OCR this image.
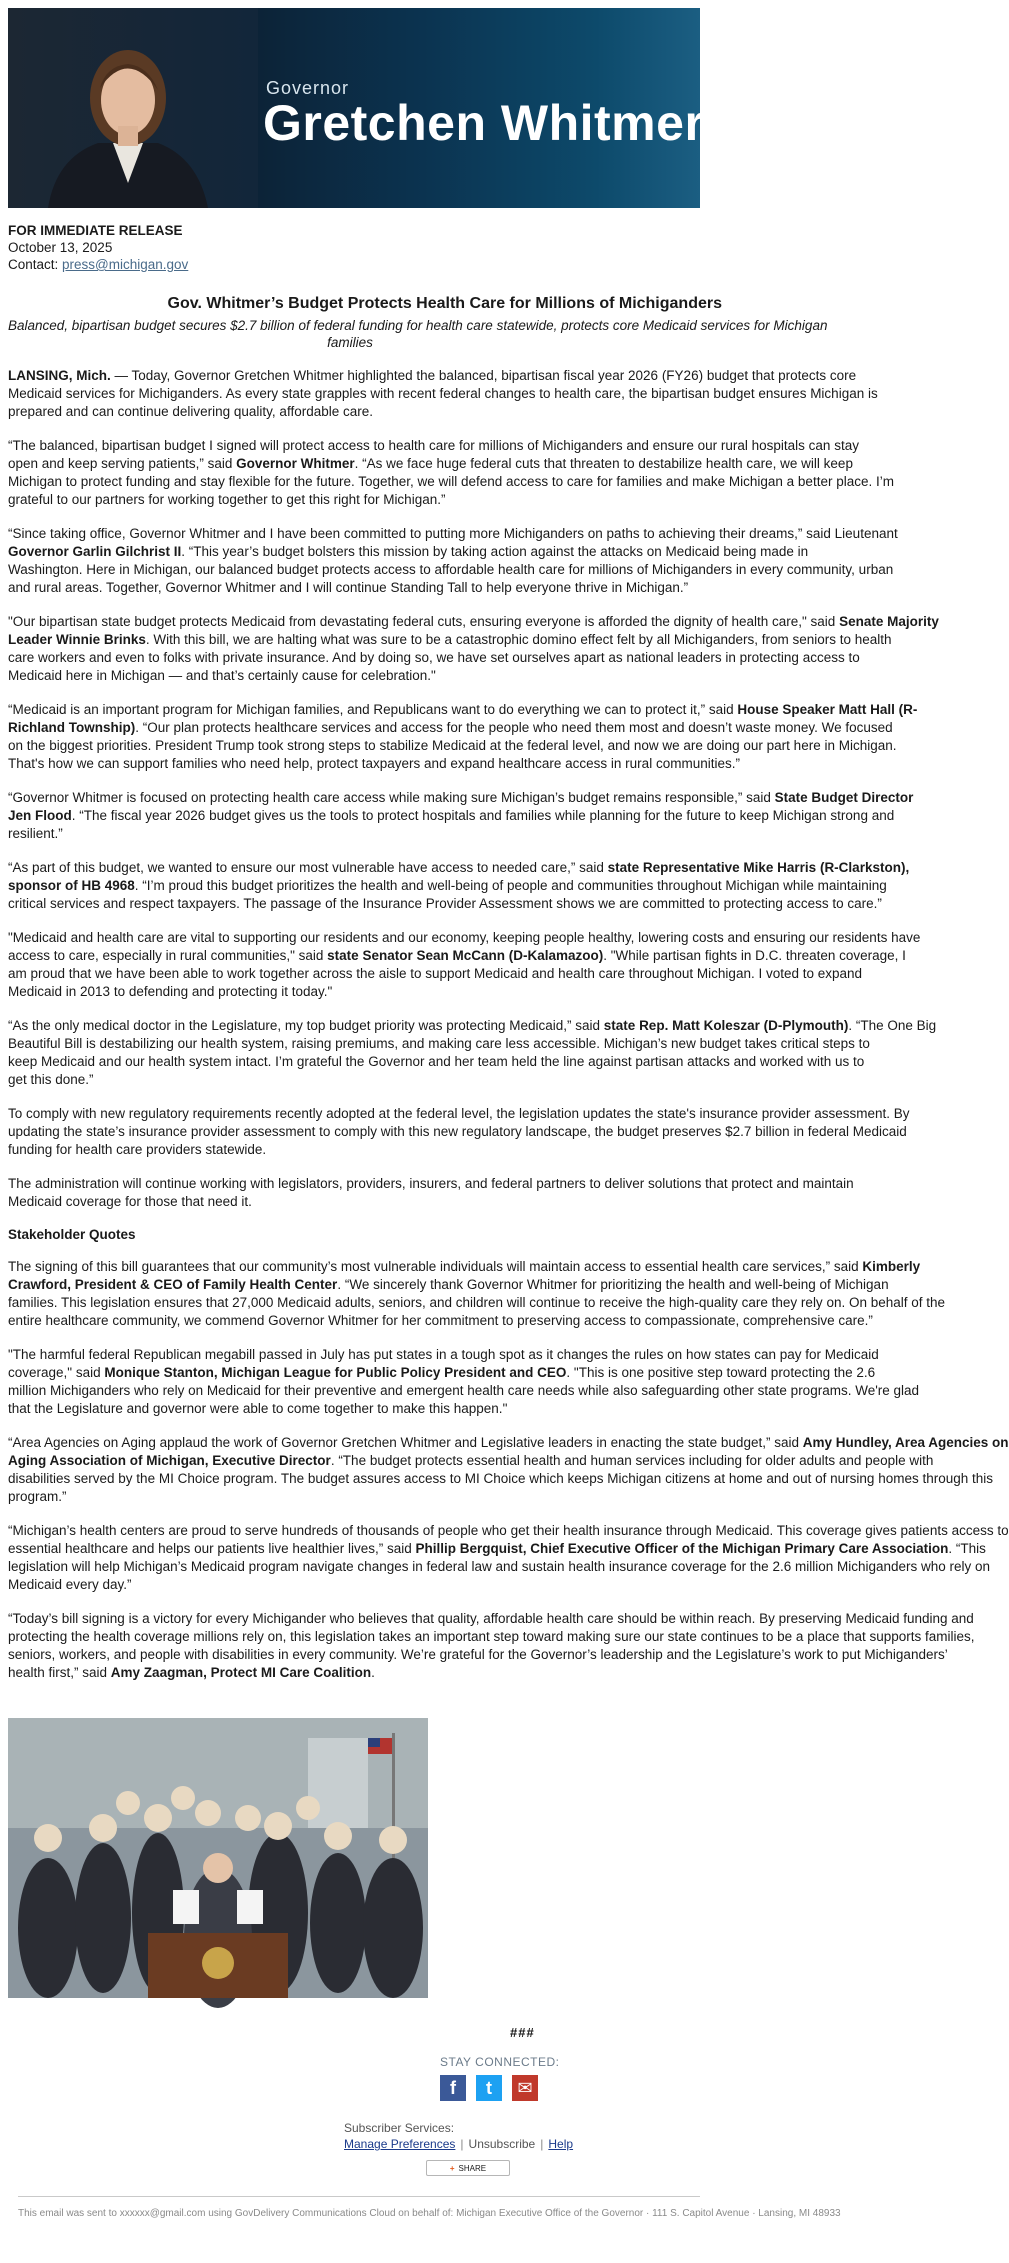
Governor
Gretchen Whitmer
FOR IMMEDIATE RELEASE
October 13, 2025
Contact: press@michigan.gov
Gov. Whitmer’s Budget Protects Health Care for Millions of Michiganders
Balanced, bipartisan budget secures $2.7 billion of federal funding for health care statewide, protects core Medicaid services for Michigan
families

LANSING, Mich. — Today, Governor Gretchen Whitmer highlighted the balanced, bipartisan fiscal year 2026 (FY26) budget that protects core
Medicaid services for Michiganders. As every state grapples with recent federal changes to health care, the bipartisan budget ensures Michigan is
prepared and can continue delivering quality, affordable care.

“The balanced, bipartisan budget I signed will protect access to health care for millions of Michiganders and ensure our rural hospitals can stay
open and keep serving patients,” said Governor Whitmer. “As we face huge federal cuts that threaten to destabilize health care, we will keep
Michigan to protect funding and stay flexible for the future. Together, we will defend access to care for families and make Michigan a better place. I’m
grateful to our partners for working together to get this right for Michigan.”

“Since taking office, Governor Whitmer and I have been committed to putting more Michiganders on paths to achieving their dreams,” said Lieutenant
Governor Garlin Gilchrist II. “This year’s budget bolsters this mission by taking action against the attacks on Medicaid being made in
Washington. Here in Michigan, our balanced budget protects access to affordable health care for millions of Michiganders in every community, urban
and rural areas. Together, Governor Whitmer and I will continue Standing Tall to help everyone thrive in Michigan.”

"Our bipartisan state budget protects Medicaid from devastating federal cuts, ensuring everyone is afforded the dignity of health care," said Senate Majority
Leader Winnie Brinks. With this bill, we are halting what was sure to be a catastrophic domino effect felt by all Michiganders, from seniors to health
care workers and even to folks with private insurance. And by doing so, we have set ourselves apart as national leaders in protecting access to
Medicaid here in Michigan — and that’s certainly cause for celebration."

“Medicaid is an important program for Michigan families, and Republicans want to do everything we can to protect it,” said House Speaker Matt Hall (R-
Richland Township). “Our plan protects healthcare services and access for the people who need them most and doesn’t waste money. We focused
on the biggest priorities. President Trump took strong steps to stabilize Medicaid at the federal level, and now we are doing our part here in Michigan.
That's how we can support families who need help, protect taxpayers and expand healthcare access in rural communities.”

“Governor Whitmer is focused on protecting health care access while making sure Michigan’s budget remains responsible,” said State Budget Director
Jen Flood. “The fiscal year 2026 budget gives us the tools to protect hospitals and families while planning for the future to keep Michigan strong and
resilient.”

“As part of this budget, we wanted to ensure our most vulnerable have access to needed care,” said state Representative Mike Harris (R-Clarkston),
sponsor of HB 4968. “I’m proud this budget prioritizes the health and well-being of people and communities throughout Michigan while maintaining
critical services and respect taxpayers. The passage of the Insurance Provider Assessment shows we are committed to protecting access to care.”

"Medicaid and health care are vital to supporting our residents and our economy, keeping people healthy, lowering costs and ensuring our residents have
access to care, especially in rural communities," said state Senator Sean McCann (D-Kalamazoo). "While partisan fights in D.C. threaten coverage, I
am proud that we have been able to work together across the aisle to support Medicaid and health care throughout Michigan. I voted to expand
Medicaid in 2013 to defending and protecting it today."

“As the only medical doctor in the Legislature, my top budget priority was protecting Medicaid,” said state Rep. Matt Koleszar (D-Plymouth). “The One Big
Beautiful Bill is destabilizing our health system, raising premiums, and making care less accessible. Michigan’s new budget takes critical steps to
keep Medicaid and our health system intact. I’m grateful the Governor and her team held the line against partisan attacks and worked with us to
get this done.”

To comply with new regulatory requirements recently adopted at the federal level, the legislation updates the state's insurance provider assessment. By
updating the state’s insurance provider assessment to comply with this new regulatory landscape, the budget preserves $2.7 billion in federal Medicaid
funding for health care providers statewide.

The administration will continue working with legislators, providers, insurers, and federal partners to deliver solutions that protect and maintain
Medicaid coverage for those that need it.

Stakeholder Quotes

The signing of this bill guarantees that our community’s most vulnerable individuals will maintain access to essential health care services,” said Kimberly
Crawford, President & CEO of Family Health Center. “We sincerely thank Governor Whitmer for prioritizing the health and well-being of Michigan
families. This legislation ensures that 27,000 Medicaid adults, seniors, and children will continue to receive the high-quality care they rely on. On behalf of the
entire healthcare community, we commend Governor Whitmer for her commitment to preserving access to compassionate, comprehensive care.”

"The harmful federal Republican megabill passed in July has put states in a tough spot as it changes the rules on how states can pay for Medicaid
coverage," said Monique Stanton, Michigan League for Public Policy President and CEO. "This is one positive step toward protecting the 2.6
million Michiganders who rely on Medicaid for their preventive and emergent health care needs while also safeguarding other state programs. We're glad
that the Legislature and governor were able to come together to make this happen."

“Area Agencies on Aging applaud the work of Governor Gretchen Whitmer and Legislative leaders in enacting the state budget,” said Amy Hundley, Area Agencies on
Aging Association of Michigan, Executive Director. “The budget protects essential health and human services including for older adults and people with
disabilities served by the MI Choice program. The budget assures access to MI Choice which keeps Michigan citizens at home and out of nursing homes through this
program.”

“Michigan’s health centers are proud to serve hundreds of thousands of people who get their health insurance through Medicaid. This coverage gives patients access to
essential healthcare and helps our patients live healthier lives,” said Phillip Bergquist, Chief Executive Officer of the Michigan Primary Care Association. “This
legislation will help Michigan’s Medicaid program navigate changes in federal law and sustain health insurance coverage for the 2.6 million Michiganders who rely on
Medicaid every day.”

“Today’s bill signing is a victory for every Michigander who believes that quality, affordable health care should be within reach. By preserving Medicaid funding and
protecting the health coverage millions rely on, this legislation takes an important step toward making sure our state continues to be a place that supports families,
seniors, workers, and people with disabilities in every community. We’re grateful for the Governor’s leadership and the Legislature’s work to put Michiganders’
health first,” said Amy Zaagman, Protect MI Care Coalition.

###
STAY CONNECTED:
f	t	✉
Subscriber Services:
Manage Preferences | Unsubscribe | Help
+ SHARE
This email was sent to xxxxxx@gmail.com using GovDelivery Communications Cloud on behalf of: Michigan Executive Office of the Governor · 111 S. Capitol Avenue · Lansing, MI 48933
